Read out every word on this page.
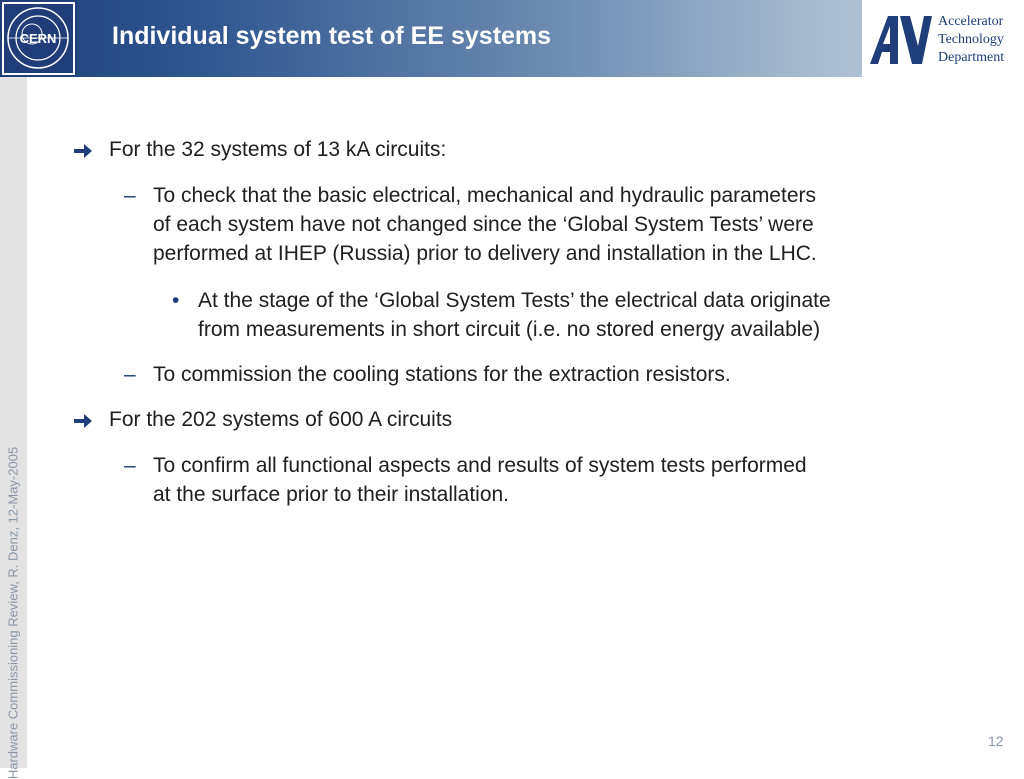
CERN Individual system test of EE systems
Accelerator
Technology
Department
Hardware Commissioning Review, R. Denz, 12-May-2005
For the 32 systems of 13 kA circuits:
– To check that the basic electrical, mechanical and hydraulic parameters
of each system have not changed since the ‘Global System Tests’ were
performed at IHEP (Russia) prior to delivery and installation in the LHC.
• At the stage of the ‘Global System Tests’ the electrical data originate
from measurements in short circuit (i.e. no stored energy available)
– To commission the cooling stations for the extraction resistors.
For the 202 systems of 600 A circuits
– To confirm all functional aspects and results of system tests performed
at the surface prior to their installation.
12
